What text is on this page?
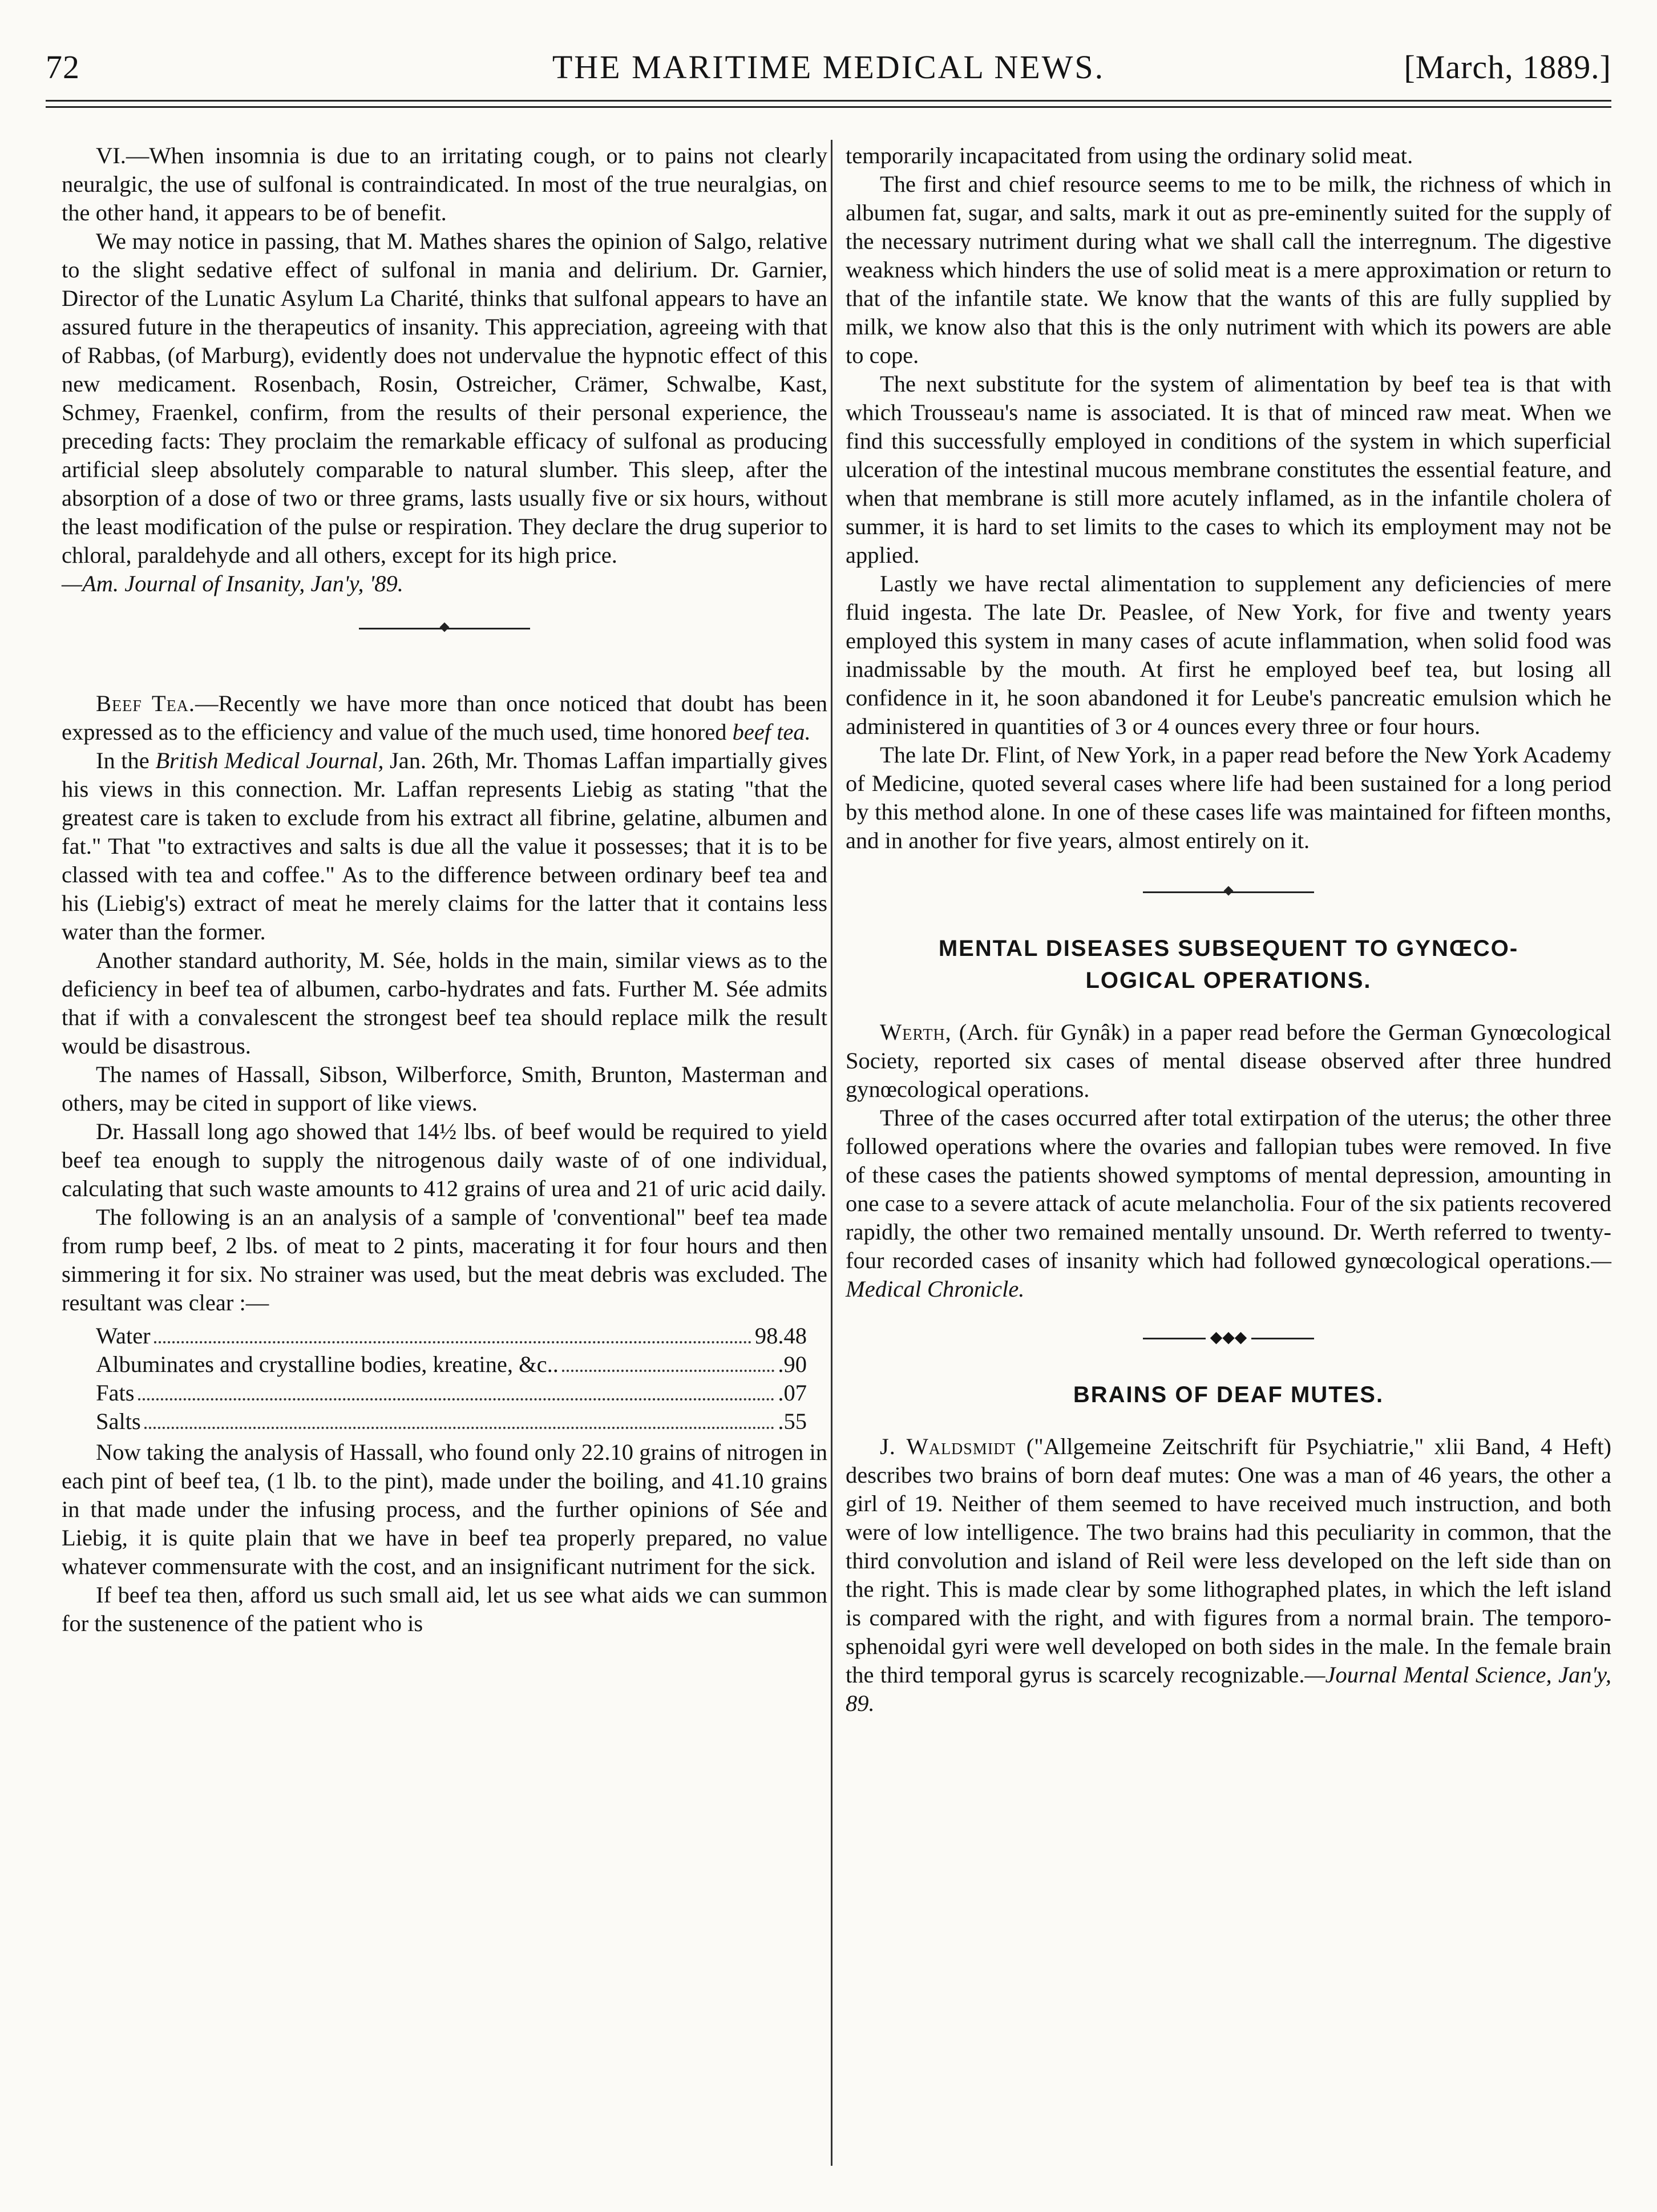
72	THE MARITIME MEDICAL NEWS.	[March, 1889.]

VI.—When insomnia is due to an irritating cough, or to pains not clearly neuralgic, the use of sulfonal is contraindicated. In most of the true neuralgias, on the other hand, it appears to be of benefit.

We may notice in passing, that M. Mathes shares the opinion of Salgo, relative to the slight sedative effect of sulfonal in mania and delirium. Dr. Garnier, Director of the Lunatic Asylum La Charité, thinks that sulfonal appears to have an assured future in the therapeutics of insanity. This appreciation, agreeing with that of Rabbas, (of Marburg), evidently does not undervalue the hypnotic effect of this new medicament. Rosenbach, Rosin, Ostreicher, Crämer, Schwalbe, Kast, Schmey, Fraenkel, confirm, from the results of their personal experience, the preceding facts: They proclaim the remarkable efficacy of sulfonal as producing artificial sleep absolutely comparable to natural slumber. This sleep, after the absorption of a dose of two or three grams, lasts usually five or six hours, without the least modification of the pulse or respiration. They declare the drug superior to chloral, paraldehyde and all others, except for its high price.
—Am. Journal of Insanity, Jan'y, '89.

Beef Tea.—Recently we have more than once noticed that doubt has been expressed as to the efficiency and value of the much used, time honored beef tea.

In the British Medical Journal, Jan. 26th, Mr. Thomas Laffan impartially gives his views in this connection. Mr. Laffan represents Liebig as stating "that the greatest care is taken to exclude from his extract all fibrine, gelatine, albumen and fat." That "to extractives and salts is due all the value it possesses; that it is to be classed with tea and coffee." As to the difference between ordinary beef tea and his (Liebig's) extract of meat he merely claims for the latter that it contains less water than the former.

Another standard authority, M. Sée, holds in the main, similar views as to the deficiency in beef tea of albumen, carbo-hydrates and fats. Further M. Sée admits that if with a convalescent the strongest beef tea should replace milk the result would be disastrous.

The names of Hassall, Sibson, Wilberforce, Smith, Brunton, Masterman and others, may be cited in support of like views.

Dr. Hassall long ago showed that 14½ lbs. of beef would be required to yield beef tea enough to supply the nitrogenous daily waste of of one individual, calculating that such waste amounts to 412 grains of urea and 21 of uric acid daily.

The following is an an analysis of a sample of 'conventional" beef tea made from rump beef, 2 lbs. of meat to 2 pints, macerating it for four hours and then simmering it for six. No strainer was used, but the meat debris was excluded. The resultant was clear :—

Water	98.48
Albuminates and crystalline bodies, kreatine, &c..	.90
Fats	.07
Salts	.55

Now taking the analysis of Hassall, who found only 22.10 grains of nitrogen in each pint of beef tea, (1 lb. to the pint), made under the boiling, and 41.10 grains in that made under the infusing process, and the further opinions of Sée and Liebig, it is quite plain that we have in beef tea properly prepared, no value whatever commensurate with the cost, and an insignificant nutriment for the sick.

If beef tea then, afford us such small aid, let us see what aids we can summon for the sustenence of the patient who is

temporarily incapacitated from using the ordinary solid meat.

The first and chief resource seems to me to be milk, the richness of which in albumen fat, sugar, and salts, mark it out as pre-eminently suited for the supply of the necessary nutriment during what we shall call the interregnum. The digestive weakness which hinders the use of solid meat is a mere approximation or return to that of the infantile state. We know that the wants of this are fully supplied by milk, we know also that this is the only nutriment with which its powers are able to cope.

The next substitute for the system of alimentation by beef tea is that with which Trousseau's name is associated. It is that of minced raw meat. When we find this successfully employed in conditions of the system in which superficial ulceration of the intestinal mucous membrane constitutes the essential feature, and when that membrane is still more acutely inflamed, as in the infantile cholera of summer, it is hard to set limits to the cases to which its employment may not be applied.

Lastly we have rectal alimentation to supplement any deficiencies of mere fluid ingesta. The late Dr. Peaslee, of New York, for five and twenty years employed this system in many cases of acute inflammation, when solid food was inadmissable by the mouth. At first he employed beef tea, but losing all confidence in it, he soon abandoned it for Leube's pancreatic emulsion which he administered in quantities of 3 or 4 ounces every three or four hours.

The late Dr. Flint, of New York, in a paper read before the New York Academy of Medicine, quoted several cases where life had been sustained for a long period by this method alone. In one of these cases life was maintained for fifteen months, and in another for five years, almost entirely on it.

MENTAL DISEASES SUBSEQUENT TO GYNŒCO-
LOGICAL OPERATIONS.

Werth, (Arch. für Gynâk) in a paper read before the German Gynœcological Society, reported six cases of mental disease observed after three hundred gynœcological operations.

Three of the cases occurred after total extirpation of the uterus; the other three followed operations where the ovaries and fallopian tubes were removed. In five of these cases the patients showed symptoms of mental depression, amounting in one case to a severe attack of acute melancholia. Four of the six patients recovered rapidly, the other two remained mentally unsound. Dr. Werth referred to twenty-four recorded cases of insanity which had followed gynœcological operations.—Medical Chronicle.

◆◆◆
BRAINS OF DEAF MUTES.

J. Waldsmidt ("Allgemeine Zeitschrift für Psychiatrie," xlii Band, 4 Heft) describes two brains of born deaf mutes: One was a man of 46 years, the other a girl of 19. Neither of them seemed to have received much instruction, and both were of low intelligence. The two brains had this peculiarity in common, that the third convolution and island of Reil were less developed on the left side than on the right. This is made clear by some lithographed plates, in which the left island is compared with the right, and with figures from a normal brain. The temporo-sphenoidal gyri were well developed on both sides in the male. In the female brain the third temporal gyrus is scarcely recognizable.—Journal Mental Science, Jan'y, 89.
